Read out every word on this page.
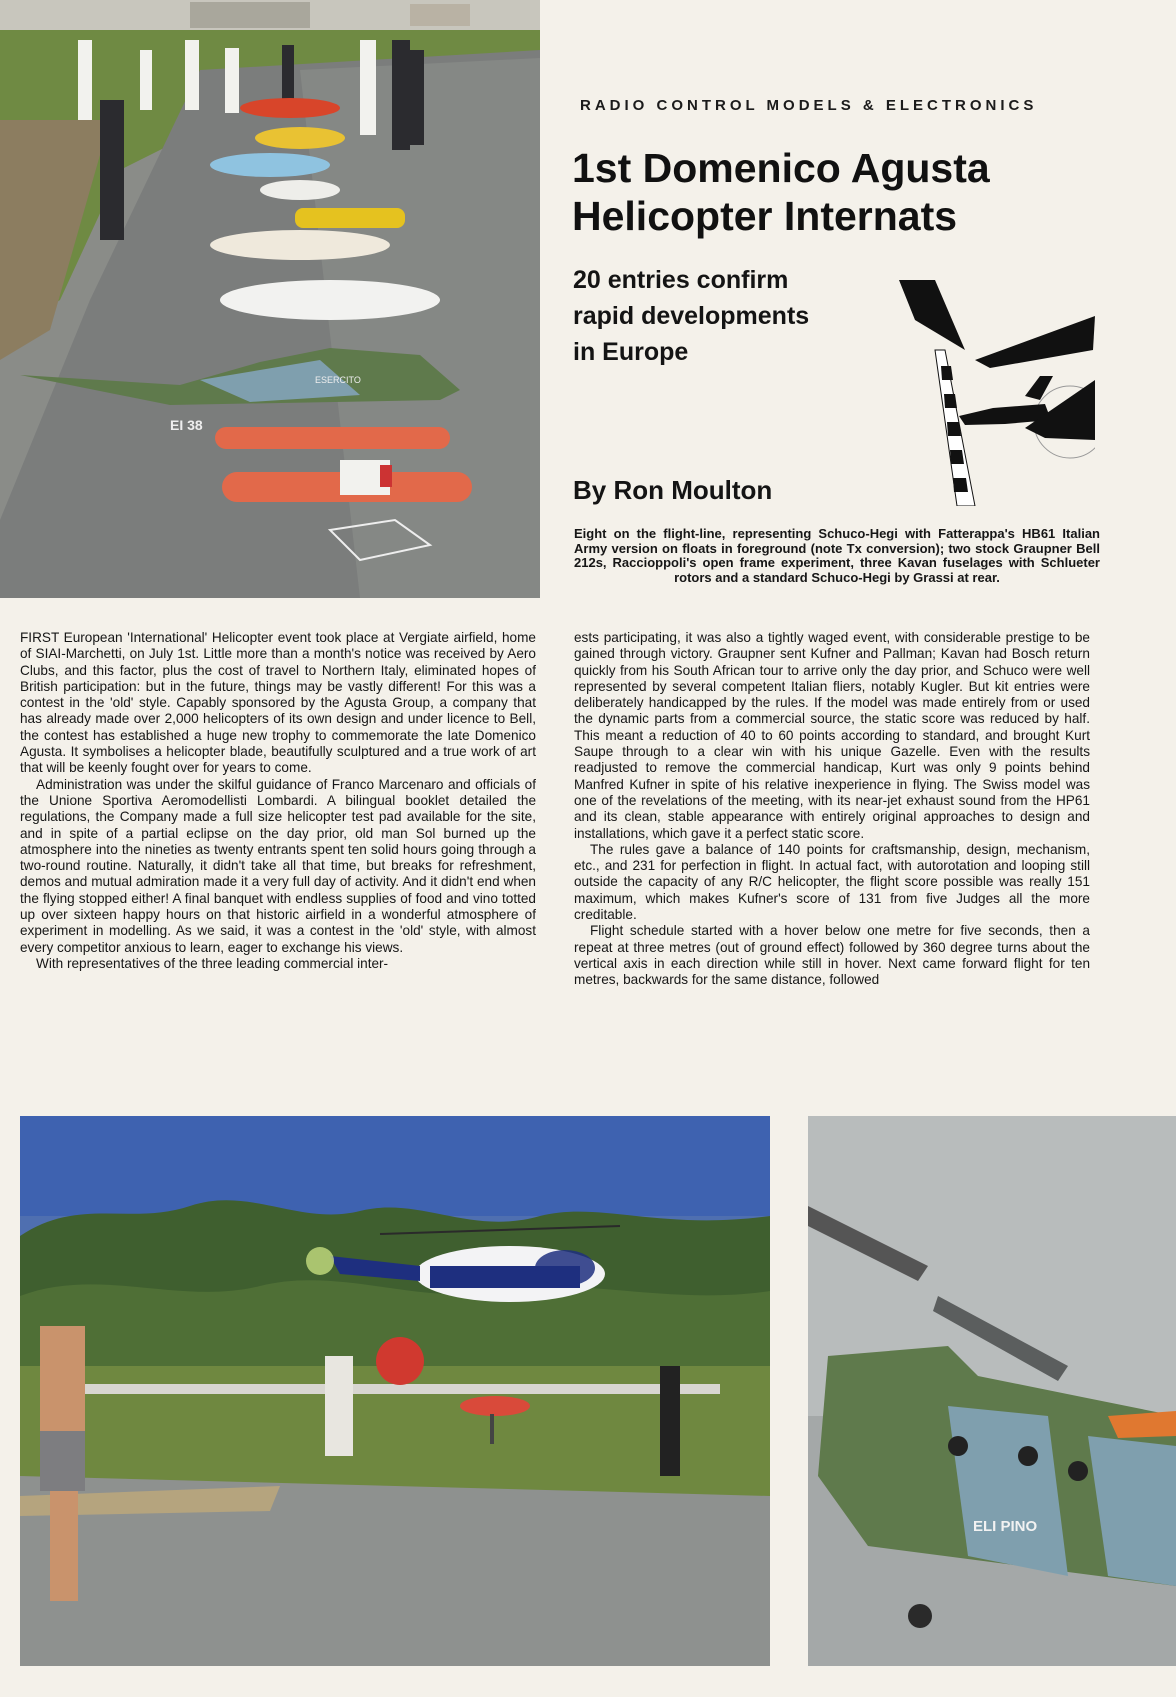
EI 38
ESERCITO
RADIO CONTROL MODELS & ELECTRONICS
1st Domenico Agusta Helicopter Internats
20 entries confirm rapid developments in Europe
By Ron Moulton
Eight on the flight-line, representing Schuco-Hegi with Fatterappa's HB61 Italian Army version on floats in foreground (note Tx conversion); two stock Graupner Bell 212s, Raccioppoli's open frame experiment, three Kavan fuselages with Schlueter rotors and a standard Schuco-Hegi by Grassi at rear.

FIRST European 'International' Helicopter event took place at Vergiate airfield, home of SIAI-Marchetti, on July 1st. Little more than a month's notice was received by Aero Clubs, and this factor, plus the cost of travel to Northern Italy, eliminated hopes of British participation: but in the future, things may be vastly different! For this was a contest in the 'old' style. Capably sponsored by the Agusta Group, a company that has already made over 2,000 helicopters of its own design and under licence to Bell, the contest has established a huge new trophy to commemorate the late Domenico Agusta. It symbolises a helicopter blade, beautifully sculptured and a true work of art that will be keenly fought over for years to come.

Administration was under the skilful guidance of Franco Marcenaro and officials of the Unione Sportiva Aeromodellisti Lombardi. A bilingual booklet detailed the regulations, the Company made a full size helicopter test pad available for the site, and in spite of a partial eclipse on the day prior, old man Sol burned up the atmosphere into the nineties as twenty entrants spent ten solid hours going through a two-round routine. Naturally, it didn't take all that time, but breaks for refreshment, demos and mutual admiration made it a very full day of activity. And it didn't end when the flying stopped either! A final banquet with endless supplies of food and vino totted up over sixteen happy hours on that historic airfield in a wonderful atmosphere of experiment in modelling. As we said, it was a contest in the 'old' style, with almost every competitor anxious to learn, eager to exchange his views.

With representatives of the three leading commercial inter-

ests participating, it was also a tightly waged event, with considerable prestige to be gained through victory. Graupner sent Kufner and Pallman; Kavan had Bosch return quickly from his South African tour to arrive only the day prior, and Schuco were well represented by several competent Italian fliers, notably Kugler. But kit entries were deliberately handicapped by the rules. If the model was made entirely from or used the dynamic parts from a commercial source, the static score was reduced by half. This meant a reduction of 40 to 60 points according to standard, and brought Kurt Saupe through to a clear win with his unique Gazelle. Even with the results readjusted to remove the commercial handicap, Kurt was only 9 points behind Manfred Kufner in spite of his relative inexperience in flying. The Swiss model was one of the revelations of the meeting, with its near-jet exhaust sound from the HP61 and its clean, stable appearance with entirely original approaches to design and installations, which gave it a perfect static score.

The rules gave a balance of 140 points for craftsmanship, design, mechanism, etc., and 231 for perfection in flight. In actual fact, with autorotation and looping still outside the capacity of any R/C helicopter, the flight score possible was really 151 maximum, which makes Kufner's score of 131 from five Judges all the more creditable.

Flight schedule started with a hover below one metre for five seconds, then a repeat at three metres (out of ground effect) followed by 360 degree turns about the vertical axis in each direction while still in hover. Next came forward flight for ten metres, backwards for the same distance, followed

ELI PINO
